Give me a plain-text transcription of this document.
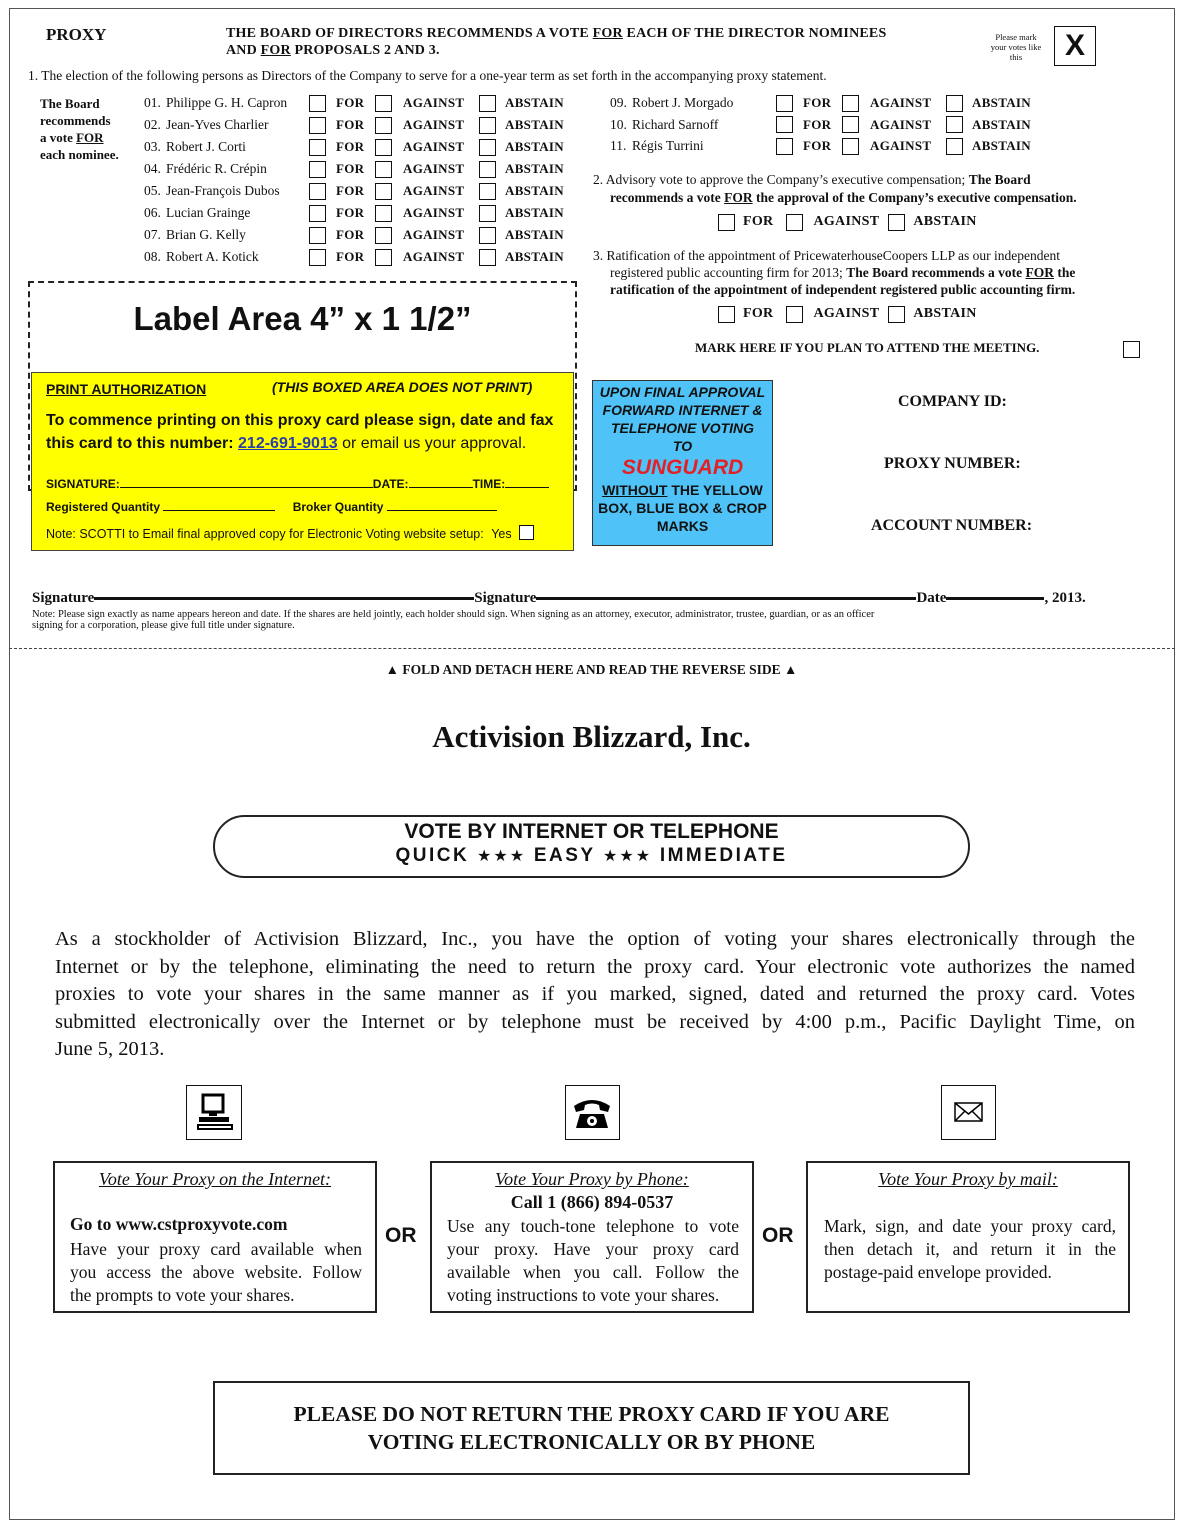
PROXY	THE BOARD OF DIRECTORS RECOMMENDS A VOTE FOR EACH OF THE DIRECTOR NOMINEES
AND FOR PROPOSALS 2 AND 3.
Please mark your votes like this	X
1. The election of the following persons as Directors of the Company to serve for a one-year term as set forth in the accompanying proxy statement.
The Board
recommends
a vote FOR
each nominee.
01. Philippe G. H. Capron	FOR	AGAINST	ABSTAIN
02. Jean-Yves Charlier	FOR	AGAINST	ABSTAIN
03. Robert J. Corti	FOR	AGAINST	ABSTAIN
04. Frédéric R. Crépin	FOR	AGAINST	ABSTAIN
05. Jean-François Dubos	FOR	AGAINST	ABSTAIN
06. Lucian Grainge	FOR	AGAINST	ABSTAIN
07. Brian G. Kelly	FOR	AGAINST	ABSTAIN
08. Robert A. Kotick	FOR	AGAINST	ABSTAIN
09. Robert J. Morgado	FOR	AGAINST	ABSTAIN
10. Richard Sarnoff	FOR	AGAINST	ABSTAIN
11. Régis Turrini	FOR	AGAINST	ABSTAIN
2. Advisory vote to approve the Company’s executive compensation; The Board
recommends a vote FOR the approval of the Company’s executive compensation.
FOR	AGAINST ABSTAIN
3. Ratification of the appointment of PricewaterhouseCoopers LLP as our independent
registered public accounting firm for 2013; The Board recommends a vote FOR the
ratification of the appointment of independent registered public accounting firm.
FOR	AGAINST ABSTAIN
MARK HERE IF YOU PLAN TO ATTEND THE MEETING.
Label Area 4” x 1 1/2”
PRINT AUTHORIZATION	(THIS BOXED AREA DOES NOT PRINT)
To commence printing on this proxy card please sign, date and fax
this card to this number: 212-691-9013 or email us your approval.
SIGNATURE:	DATE:	TIME:
Registered Quantity	Broker Quantity
Note: SCOTTI to Email final approved copy for Electronic Voting website setup: Yes
UPON FINAL APPROVAL
FORWARD INTERNET &
TELEPHONE VOTING
TO
SUNGUARD
WITHOUT THE YELLOW
BOX, BLUE BOX & CROP
MARKS
COMPANY ID:
PROXY NUMBER:
ACCOUNT NUMBER:
Signature	Signature	Date	, 2013.
Note: Please sign exactly as name appears hereon and date. If the shares are held jointly, each holder should sign. When signing as an attorney, executor, administrator, trustee, guardian, or as an officer
signing for a corporation, please give full title under signature.
▲ FOLD AND DETACH HERE AND READ THE REVERSE SIDE ▲
Activision Blizzard, Inc.
VOTE BY INTERNET OR TELEPHONE
QUICK ★★★ EASY ★★★ IMMEDIATE
As a stockholder of Activision Blizzard, Inc., you have the option of voting your shares electronically through the
Internet or by the telephone, eliminating the need to return the proxy card. Your electronic vote authorizes the named
proxies to vote your shares in the same manner as if you marked, signed, dated and returned the proxy card. Votes
submitted electronically over the Internet or by telephone must be received by 4:00 p.m., Pacific Daylight Time, on
June 5, 2013.
Vote Your Proxy on the Internet:
Go to www.cstproxyvote.com
Have your proxy card available when
you access the above website. Follow
the prompts to vote your shares.
OR
Vote Your Proxy by Phone:
Call 1 (866) 894-0537
Use any touch-tone telephone to vote
your proxy. Have your proxy card
available when you call. Follow the
voting instructions to vote your shares.
OR
Vote Your Proxy by mail:
Mark, sign, and date your proxy card,
then detach it, and return it in the
postage-paid envelope provided.
PLEASE DO NOT RETURN THE PROXY CARD IF YOU ARE
VOTING ELECTRONICALLY OR BY PHONE
